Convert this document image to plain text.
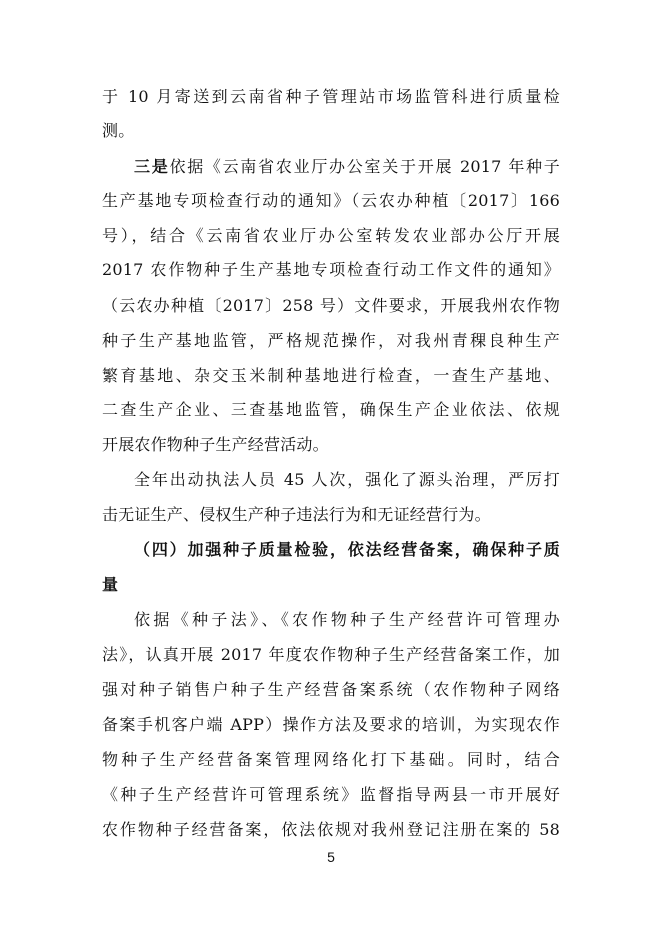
于 10 月寄送到云南省种子管理站市场监管科进行质量检
测。
三是依据《云南省农业厅办公室关于开展 2017 年种子
生产基地专项检查行动的通知》（云农办种植〔2017〕166
号），结合《云南省农业厅办公室转发农业部办公厅开展
2017 农作物种子生产基地专项检查行动工作文件的通知》
（云农办种植〔2017〕258 号）文件要求，开展我州农作物
种子生产基地监管，严格规范操作，对我州青稞良种生产
繁育基地、杂交玉米制种基地进行检查，一查生产基地、
二查生产企业、三查基地监管，确保生产企业依法、依规
开展农作物种子生产经营活动。
全年出动执法人员 45 人次，强化了源头治理，严厉打
击无证生产、侵权生产种子违法行为和无证经营行为。
（四）加强种子质量检验，依法经营备案，确保种子质
量
依据《种子法》、《农作物种子生产经营许可管理办
法》，认真开展 2017 年度农作物种子生产经营备案工作，加
强对种子销售户种子生产经营备案系统（农作物种子网络
备案手机客户端 APP）操作方法及要求的培训，为实现农作
物种子生产经营备案管理网络化打下基础。同时，结合
《种子生产经营许可管理系统》监督指导两县一市开展好
农作物种子经营备案，依法依规对我州登记注册在案的 58
5
